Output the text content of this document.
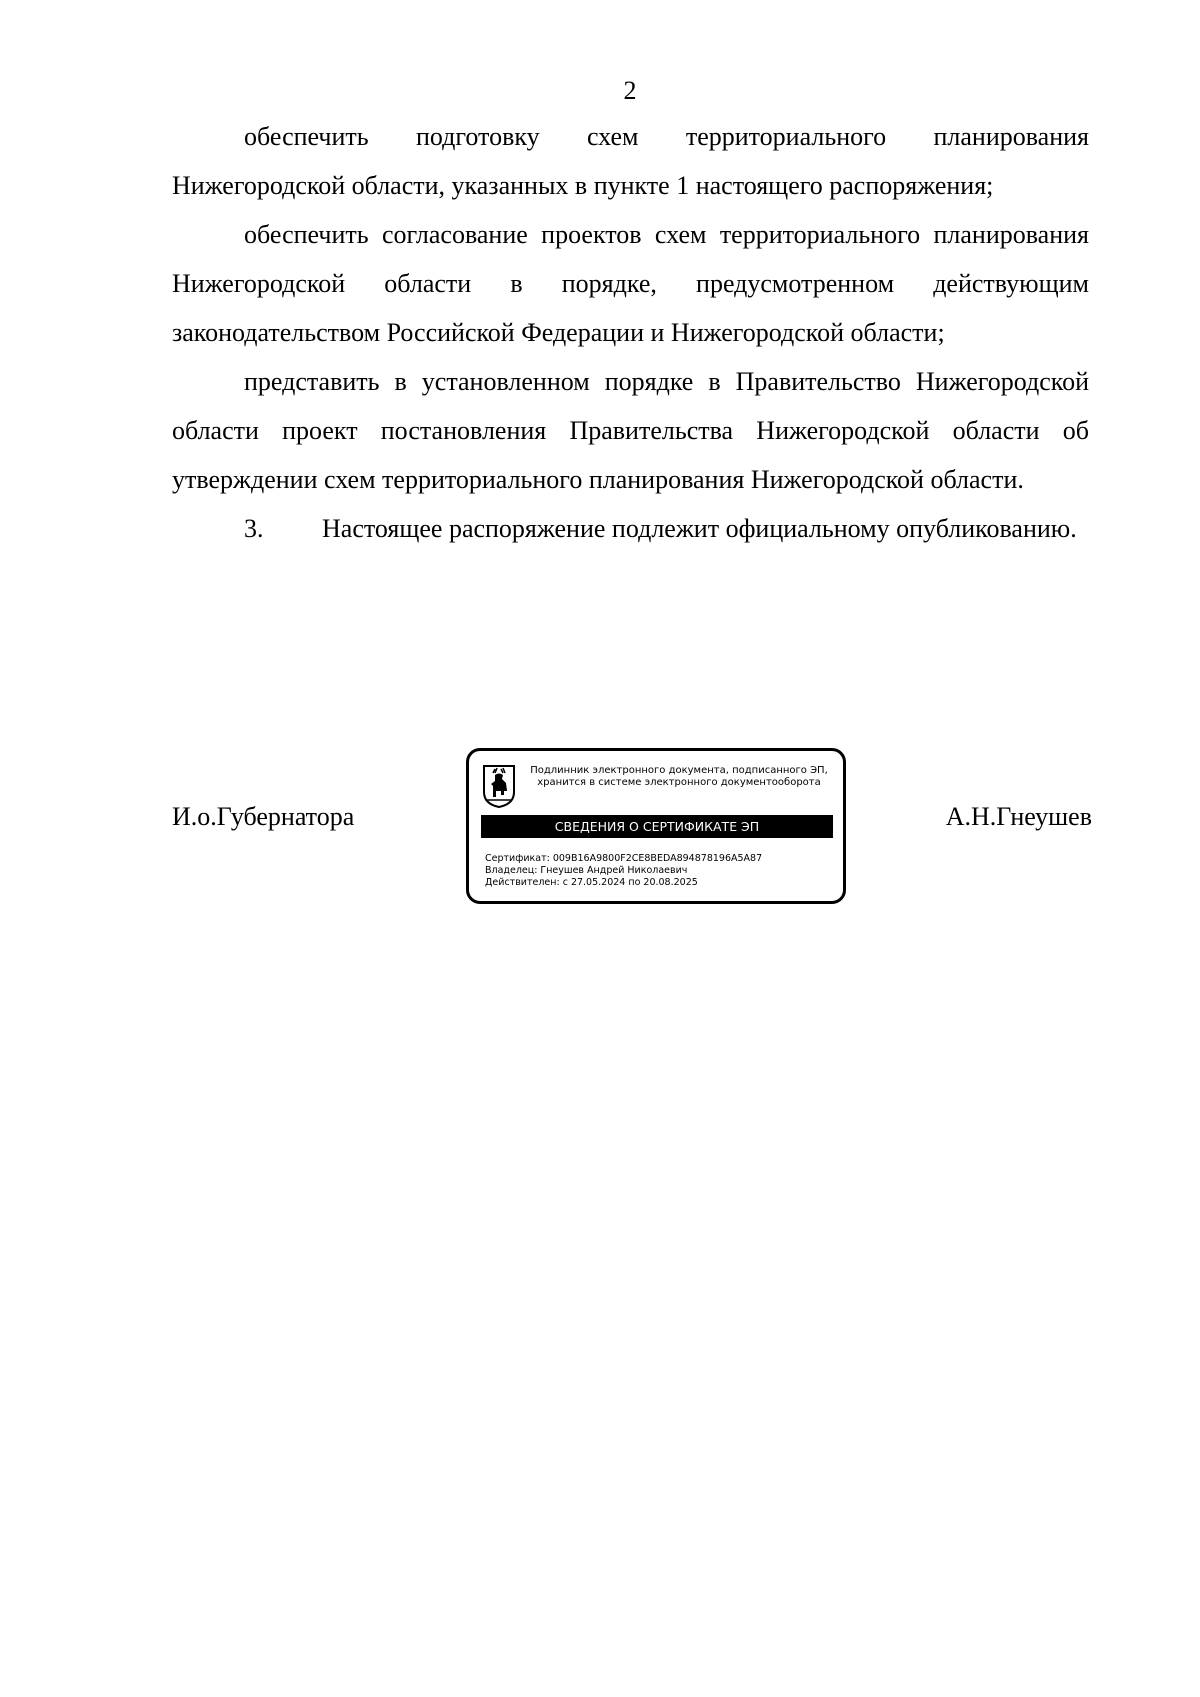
2

обеспечить подготовку схем территориального планирования Нижегородской области, указанных в пункте 1 настоящего распоряжения;

обеспечить согласование проектов схем территориального планирования Нижегородской области в порядке, предусмотренном действующим законодательством Российской Федерации и Нижегородской области;

представить в установленном порядке в Правительство Нижегородской области проект постановления Правительства Нижегородской области об утверждении схем территориального планирования Нижегородской области.

3. Настоящее распоряжение подлежит официальному опубликованию.

И.о.Губернатора
Подлинник электронного документа, подписанного ЭП,
хранится в системе электронного документооборота
СВЕДЕНИЯ О СЕРТИФИКАТЕ ЭП
Сертификат: 009B16A9800F2CE8BEDA894878196A5A87
Владелец: Гнеушев Андрей Николаевич
Действителен: с 27.05.2024 по 20.08.2025
А.Н.Гнеушев
